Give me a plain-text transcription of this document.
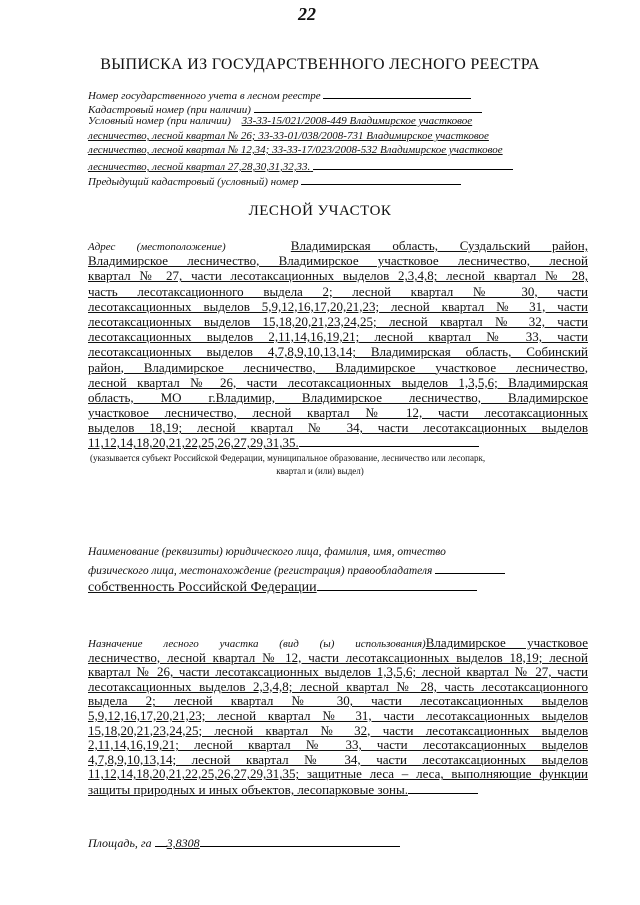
22
ВЫПИСКА ИЗ ГОСУДАРСТВЕННОГО ЛЕСНОГО РЕЕСТРА
Номер государственного учета в лесном реестре
Кадастровый номер (при наличии)
Условный номер (при наличии) 33-33-15/021/2008-449 Владимирское участковое
лесничество, лесной квартал № 26; 33-33-01/038/2008-731 Владимирское участковое
лесничество, лесной квартал № 12,34; 33-33-17/023/2008-532 Владимирское участковое
лесничество, лесной квартал 27,28,30,31,32,33.
Предыдущий кадастровый (условный) номер
ЛЕСНОЙ УЧАСТОК
Адрес (местоположение)	Владимирская область, Суздальский район,
Владимирское лесничество, Владимирское участковое лесничество, лесной
квартал № 27, части лесотаксационных выделов 2,3,4,8; лесной квартал № 28,
часть лесотаксационного выдела 2; лесной квартал № 30, части
лесотаксационных выделов 5,9,12,16,17,20,21,23; лесной квартал № 31, части
лесотаксационных выделов 15,18,20,21,23,24,25; лесной квартал № 32, части
лесотаксационных выделов 2,11,14,16,19,21; лесной квартал № 33, части
лесотаксационных выделов 4,7,8,9,10,13,14; Владимирская область, Собинский
район, Владимирское лесничество, Владимирское участковое лесничество,
лесной квартал № 26, части лесотаксационных выделов 1,3,5,6; Владимирская
область, МО г.Владимир, Владимирское лесничество, Владимирское
участковое лесничество, лесной квартал № 12, части лесотаксационных
выделов 18,19; лесной квартал № 34, части лесотаксационных выделов
11,12,14,18,20,21,22,25,26,27,29,31,35.
(указывается субъект Российской Федерации, муниципальное образование, лесничество или лесопарк,
квартал и (или) выдел)
Наименование (реквизиты) юридического лица, фамилия, имя, отчество
физического лица, местонахождение (регистрация) правообладателя
собственность Российской Федерации
Назначение лесного участка (вид (ы) использования)Владимирское участковое
лесничество, лесной квартал № 12, части лесотаксационных выделов 18,19; лесной
квартал № 26, части лесотаксационных выделов 1,3,5,6; лесной квартал № 27, части
лесотаксационных выделов 2,3,4,8; лесной квартал № 28, часть лесотаксационного
выдела 2; лесной квартал № 30, части лесотаксационных выделов
5,9,12,16,17,20,21,23; лесной квартал № 31, части лесотаксационных выделов
15,18,20,21,23,24,25; лесной квартал № 32, части лесотаксационных выделов
2,11,14,16,19,21; лесной квартал № 33, части лесотаксационных выделов
4,7,8,9,10,13,14; лесной квартал № 34, части лесотаксационных выделов
11,12,14,18,20,21,22,25,26,27,29,31,35; защитные леса – леса, выполняющие функции
защиты природных и иных объектов, лесопарковые зоны.
Площадь, га 3,8308
